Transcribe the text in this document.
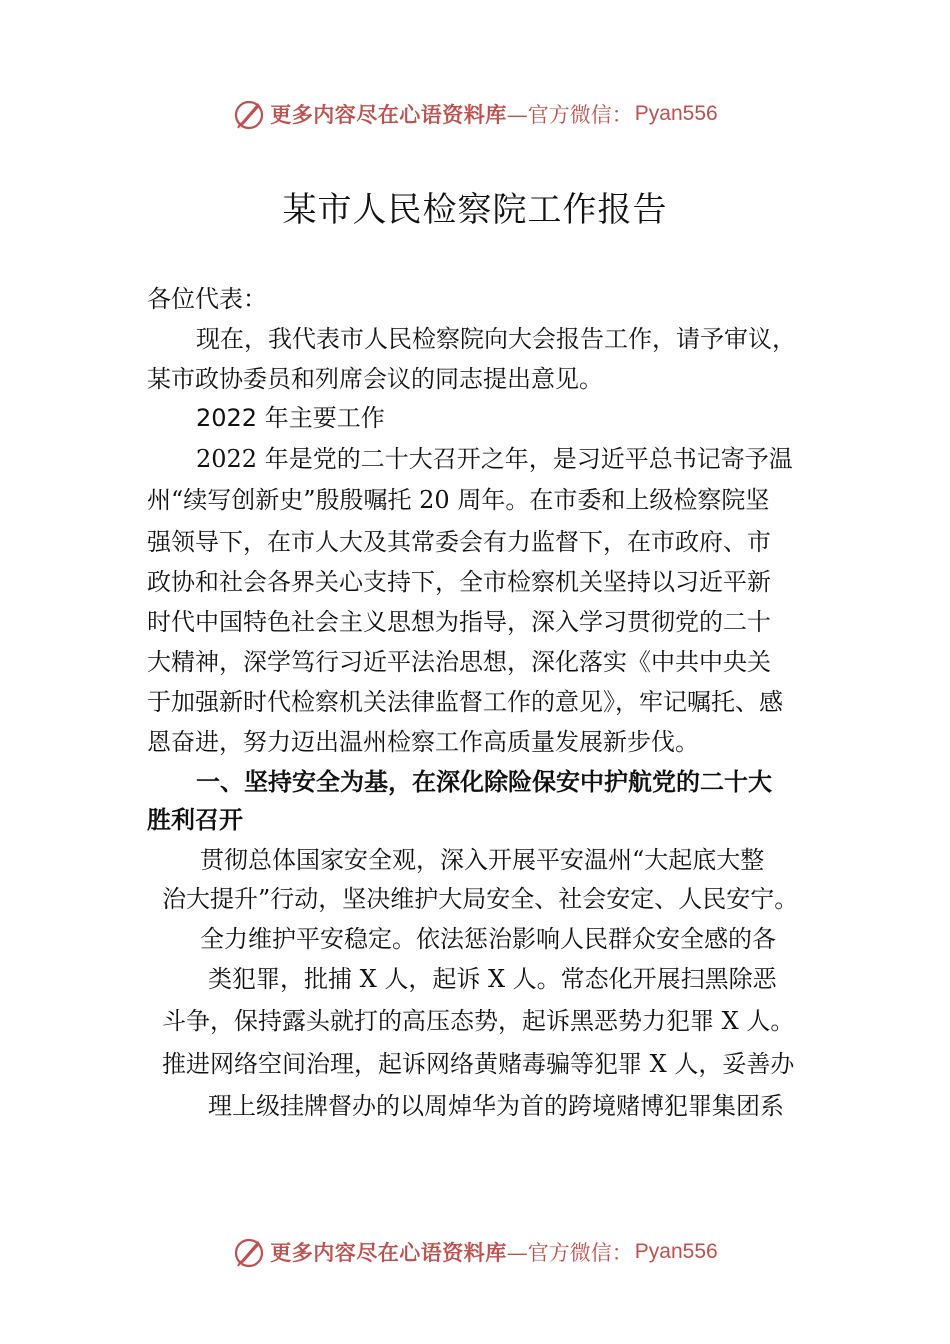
更多内容尽在心语资料库 —官方微信： Pyan556
某市人民检察院工作报告
各位代表：
现在，我代表市人民检察院向大会报告工作，请予审议，
某市政协委员和列席会议的同志提出意见。
2022 年主要工作
2022 年是党的二十大召开之年，是习近平总书记寄予温
州“续写创新史”殷殷嘱托 20 周年。在市委和上级检察院坚
强领导下，在市人大及其常委会有力监督下，在市政府、市
政协和社会各界关心支持下，全市检察机关坚持以习近平新
时代中国特色社会主义思想为指导，深入学习贯彻党的二十
大精神，深学笃行习近平法治思想，深化落实《中共中央关
于加强新时代检察机关法律监督工作的意见》，牢记嘱托、感
恩奋进，努力迈出温州检察工作高质量发展新步伐。
一、坚持安全为基，在深化除险保安中护航党的二十大
胜利召开
贯彻总体国家安全观，深入开展平安温州“大起底大整
治大提升”行动，坚决维护大局安全、社会安定、人民安宁。
全力维护平安稳定。依法惩治影响人民群众安全感的各
类犯罪，批捕 X 人，起诉 X 人。常态化开展扫黑除恶
斗争，保持露头就打的高压态势，起诉黑恶势力犯罪 X 人。
推进网络空间治理，起诉网络黄赌毒骗等犯罪 X 人，妥善办
理上级挂牌督办的以周焯华为首的跨境赌博犯罪集团系
更多内容尽在心语资料库 —官方微信： Pyan556
